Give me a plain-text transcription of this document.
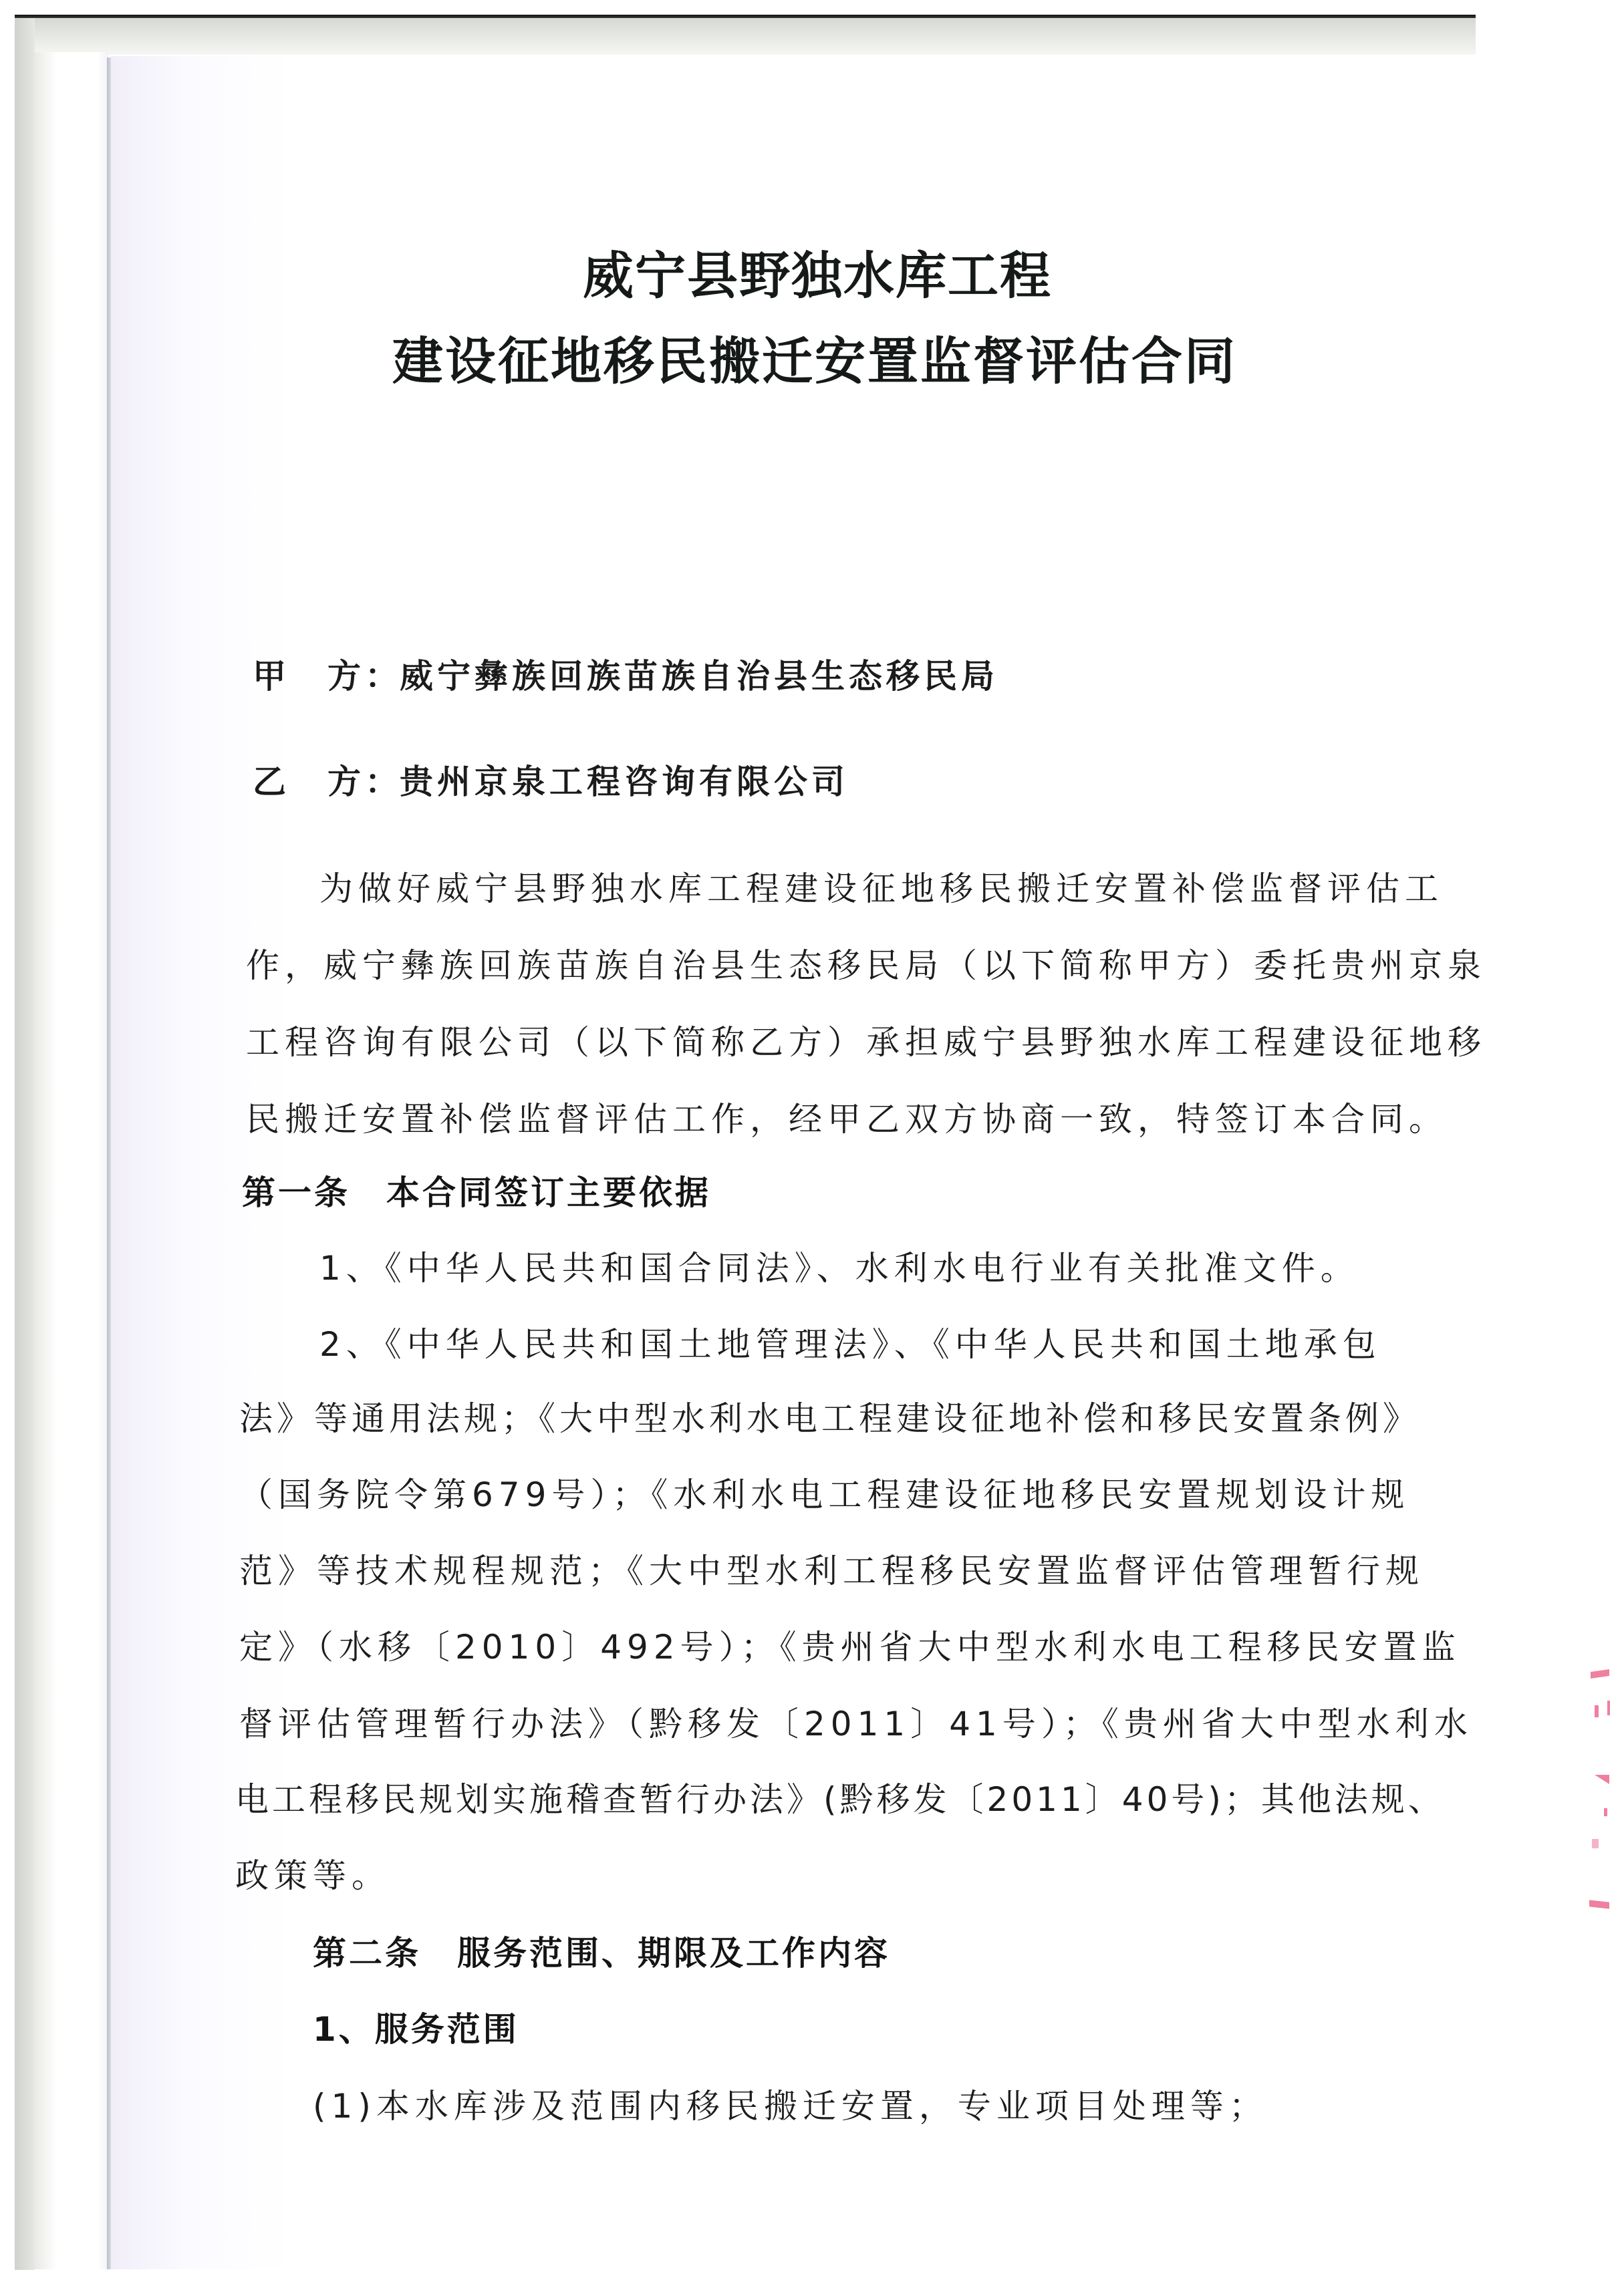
威宁县野独水库工程
建设征地移民搬迁安置监督评估合同
甲　方：威宁彝族回族苗族自治县生态移民局
乙　方：贵州京泉工程咨询有限公司
为做好威宁县野独水库工程建设征地移民搬迁安置补偿监督评估工
作，威宁彝族回族苗族自治县生态移民局（以下简称甲方）委托贵州京泉
工程咨询有限公司（以下简称乙方）承担威宁县野独水库工程建设征地移
民搬迁安置补偿监督评估工作，经甲乙双方协商一致，特签订本合同。
第一条　本合同签订主要依据
1、《中华人民共和国合同法》、水利水电行业有关批准文件。
2、《中华人民共和国土地管理法》、《中华人民共和国土地承包
法》等通用法规；《大中型水利水电工程建设征地补偿和移民安置条例》
（国务院令第679号）；《水利水电工程建设征地移民安置规划设计规
范》等技术规程规范；《大中型水利工程移民安置监督评估管理暂行规
定》（水移〔2010〕492号）；《贵州省大中型水利水电工程移民安置监
督评估管理暂行办法》（黔移发〔2011〕41号）；《贵州省大中型水利水
电工程移民规划实施稽查暂行办法》(黔移发〔2011〕40号)；其他法规、
政策等。
第二条　服务范围、期限及工作内容
1、服务范围
(1)本水库涉及范围内移民搬迁安置，专业项目处理等；
